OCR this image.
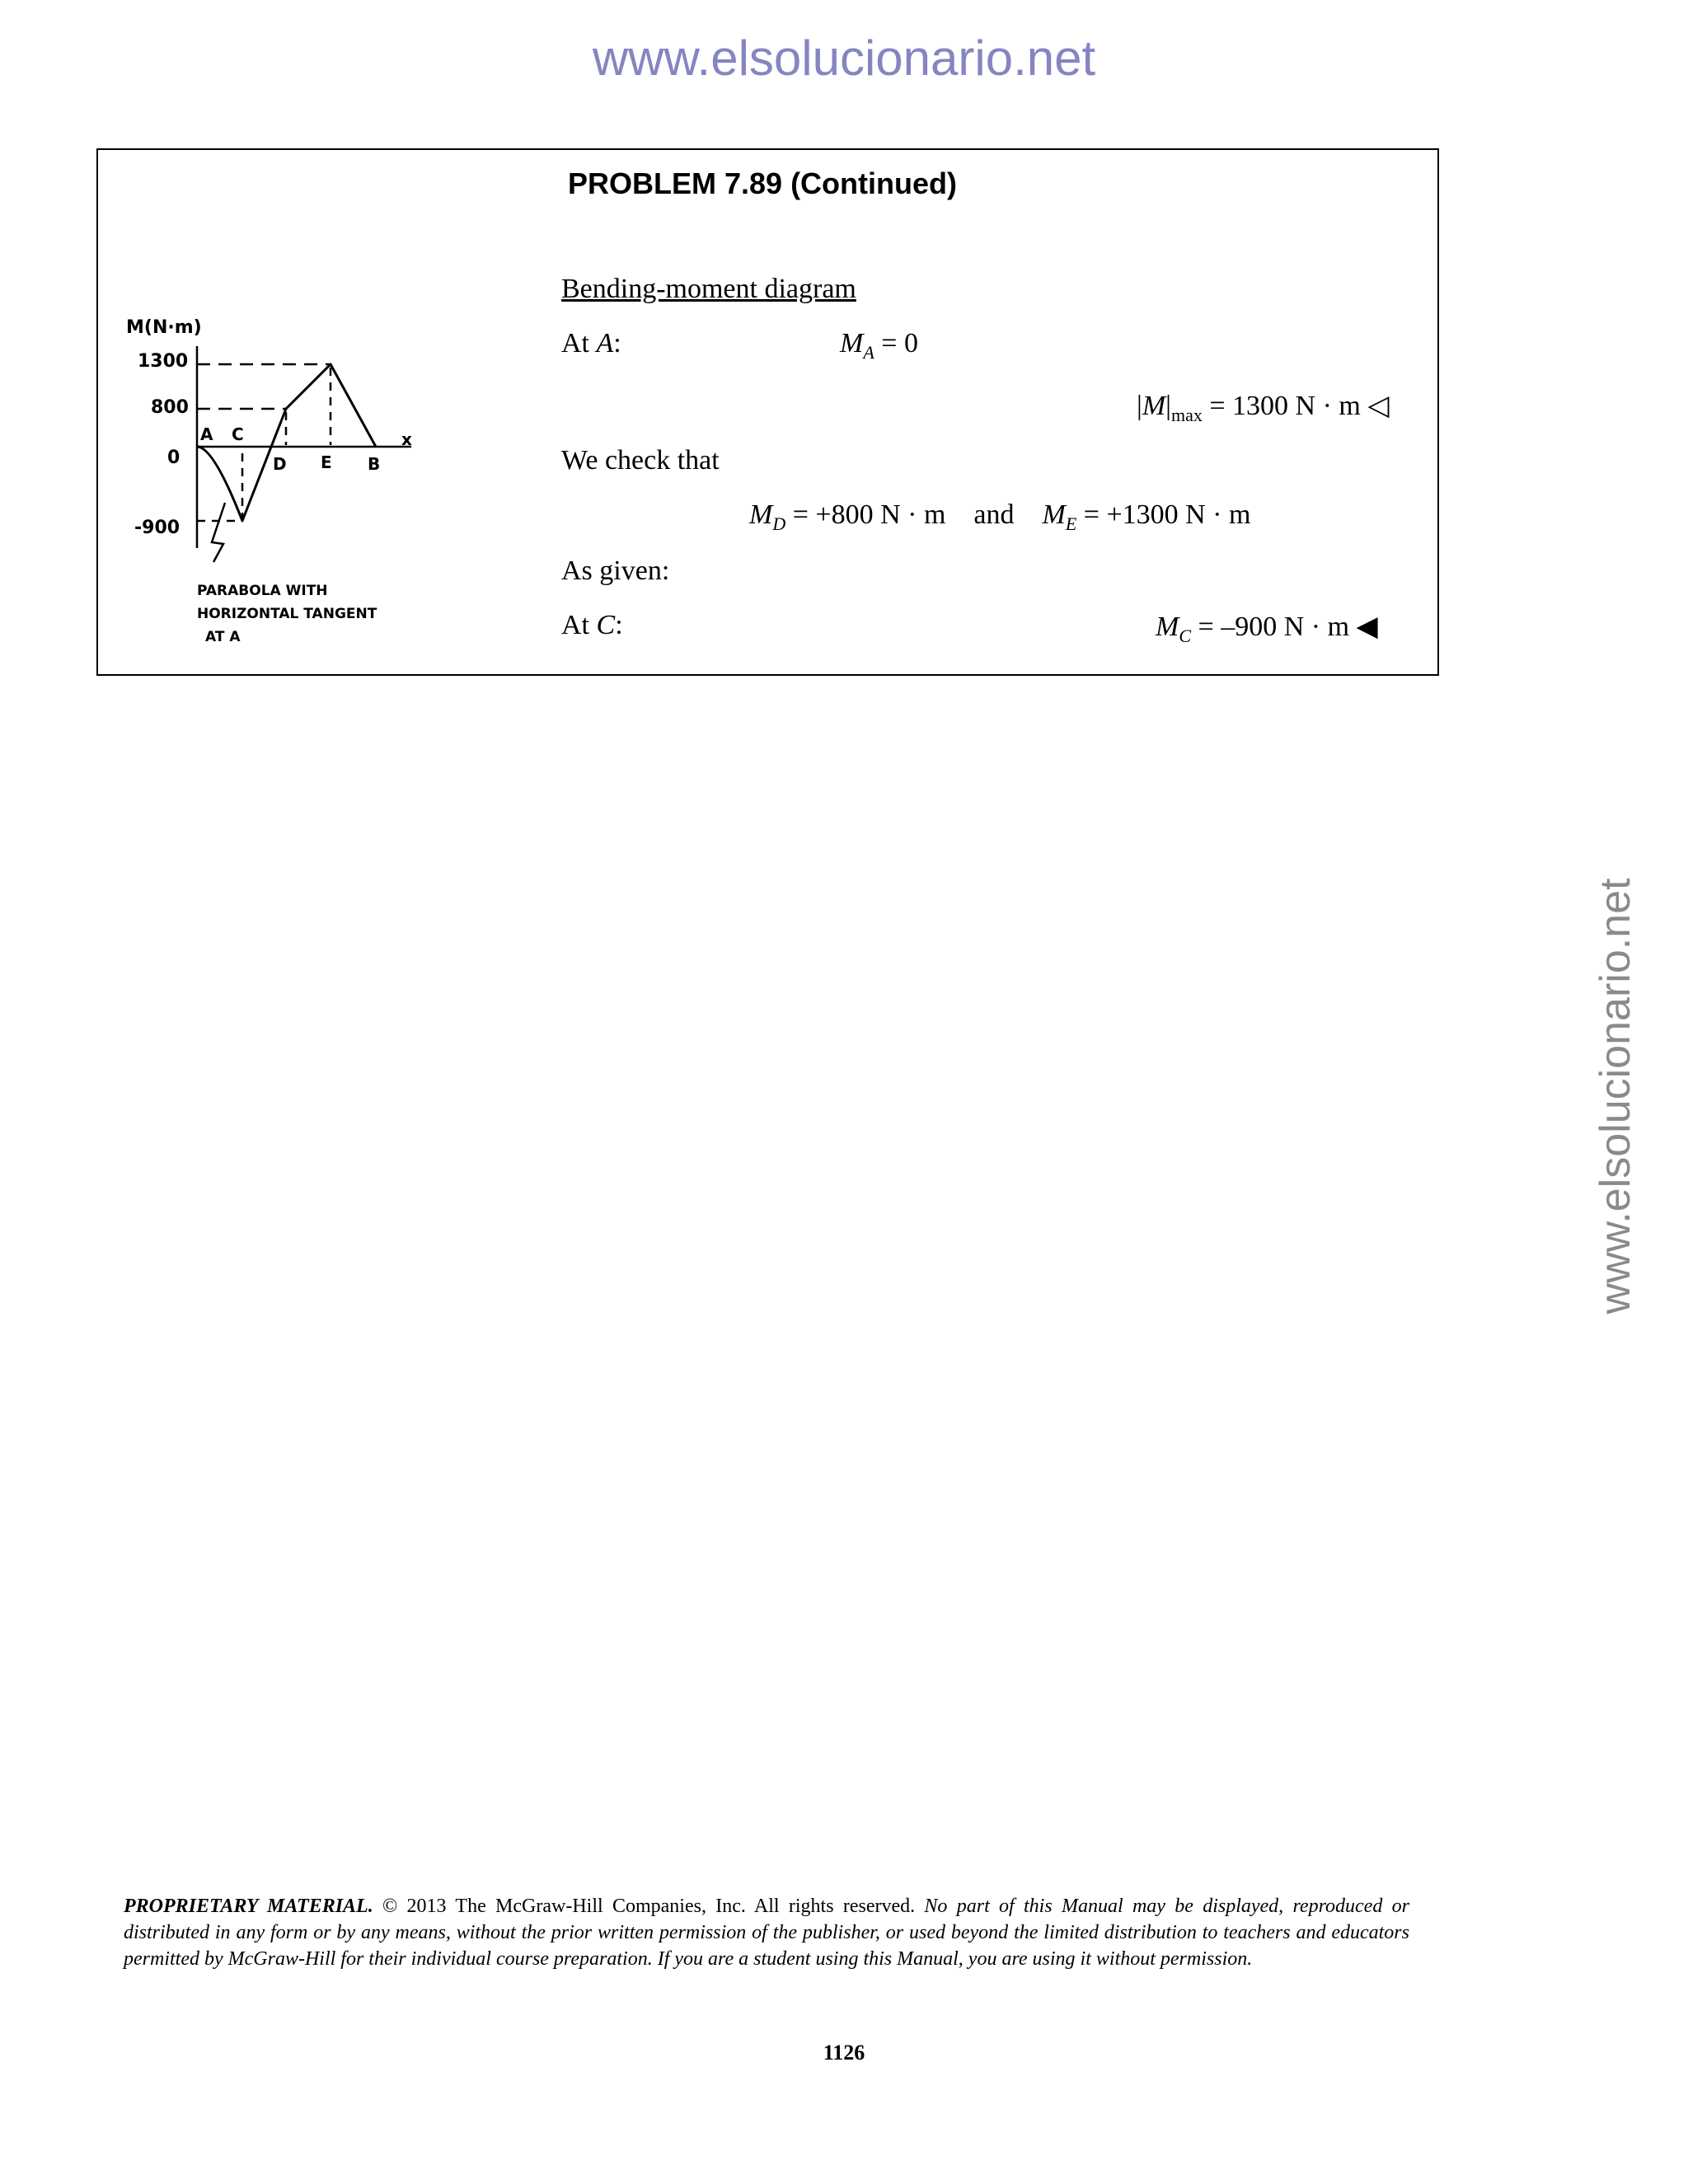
www.elsolucionario.net
www.elsolucionario.net
PROBLEM 7.89 (Continued)
Bending-moment diagram
At A:	$M_A = 0$
$|M|_{max} = 1300$ N · m ◁
We check that
$M_D = +800$ N · m and $M_E = +1300$ N · m
As given:
At C:	$M_C = -900$ N · m ◀
M(N·m)
1300
800
0
-900
x
A C
D E B
PARABOLA WITH
HORIZONTAL TANGENT
AT A
PROPRIETARY MATERIAL. © 2013 The McGraw-Hill Companies, Inc. All rights reserved. No part of this Manual may be displayed, reproduced or distributed in any form or by any means, without the prior written permission of the publisher, or used beyond the limited distribution to teachers and educators permitted by McGraw-Hill for their individual course preparation. If you are a student using this Manual, you are using it without permission.
1126
